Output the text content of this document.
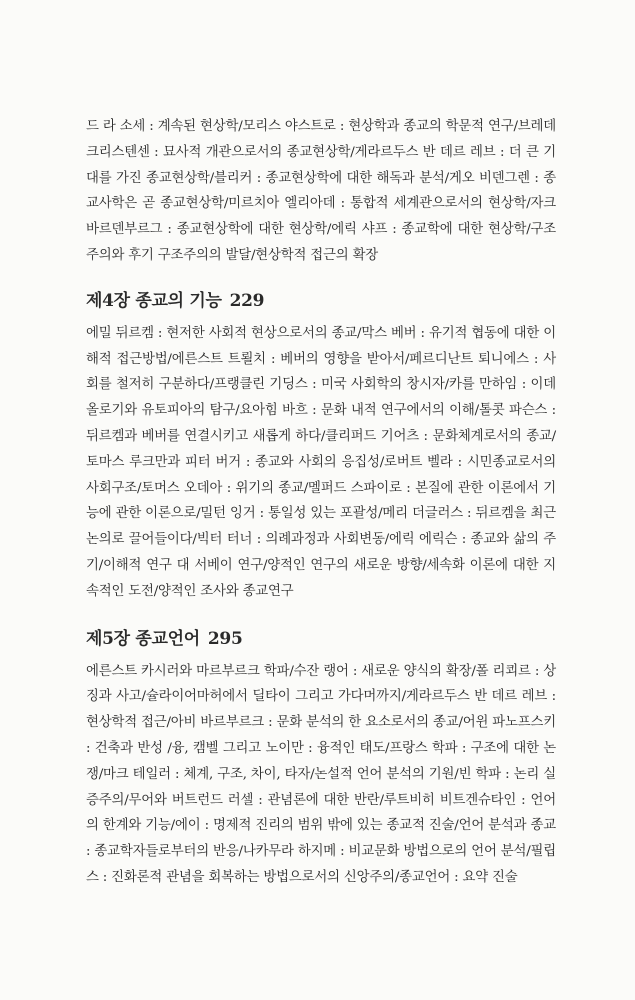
드 라 소세 : 계속된 현상학/모리스 야스트로 : 현상학과 종교의 학문적 연구/브레데 크리스텐센 : 묘사적 개관으로서의 종교현상학/게라르두스 반 데르 레브 : 더 큰 기대를 가진 종교현상학/블리커 : 종교현상학에 대한 해독과 분석/게오 비덴그렌 : 종교사학은 곧 종교현상학/미르치아 엘리아데 : 통합적 세계관으로서의 현상학/자크 바르덴부르그 : 종교현상학에 대한 현상학/에릭 샤프 : 종교학에 대한 현상학/구조주의와 후기 구조주의의 발달/현상학적 접근의 확장

제4장 종교의 기능 229

에밀 뒤르켐 : 현저한 사회적 현상으로서의 종교/막스 베버 : 유기적 협동에 대한 이해적 접근방법/에른스트 트뢸치 : 베버의 영향을 받아서/페르디난트 퇴니에스 : 사회를 철저히 구분하다/프랭클린 기딩스 : 미국 사회학의 창시자/카를 만하임 : 이데올로기와 유토피아의 탐구/요아힘 바흐 : 문화 내적 연구에서의 이해/톨콧 파슨스 : 뒤르켐과 베버를 연결시키고 새롭게 하다/클리퍼드 기어츠 : 문화체계로서의 종교/토마스 루크만과 피터 버거 : 종교와 사회의 응집성/로버트 벨라 : 시민종교로서의 사회구조/토머스 오데아 : 위기의 종교/멜퍼드 스파이로 : 본질에 관한 이론에서 기능에 관한 이론으로/밀턴 잉거 : 통일성 있는 포괄성/메리 더글러스 : 뒤르켐을 최근 논의로 끌어들이다/빅터 터너 : 의례과정과 사회변동/에릭 에릭슨 : 종교와 삶의 주기/이해적 연구 대 서베이 연구/양적인 연구의 새로운 방향/세속화 이론에 대한 지속적인 도전/양적인 조사와 종교연구

제5장 종교언어 295

에른스트 카시러와 마르부르크 학파/수잔 랭어 : 새로운 양식의 확장/폴 리쾨르 : 상징과 사고/슐라이어마허에서 딜타이 그리고 가다머까지/게라르두스 반 데르 레브 : 현상학적 접근/아비 바르부르크 : 문화 분석의 한 요소로서의 종교/어윈 파노프스키 : 건축과 반성 /융, 캠벨 그리고 노이만 : 융적인 태도/프랑스 학파 : 구조에 대한 논쟁/마크 테일러 : 체계, 구조, 차이, 타자/논설적 언어 분석의 기원/빈 학파 : 논리 실증주의/무어와 버트런드 러셀 : 관념론에 대한 반란/루트비히 비트겐슈타인 : 언어의 한계와 기능/에이 : 명제적 진리의 범위 밖에 있는 종교적 진술/언어 분석과 종교 : 종교학자들로부터의 반응/나카무라 하지메 : 비교문화 방법으로의 언어 분석/필립스 : 진화론적 관념을 회복하는 방법으로서의 신앙주의/종교언어 : 요약 진술
